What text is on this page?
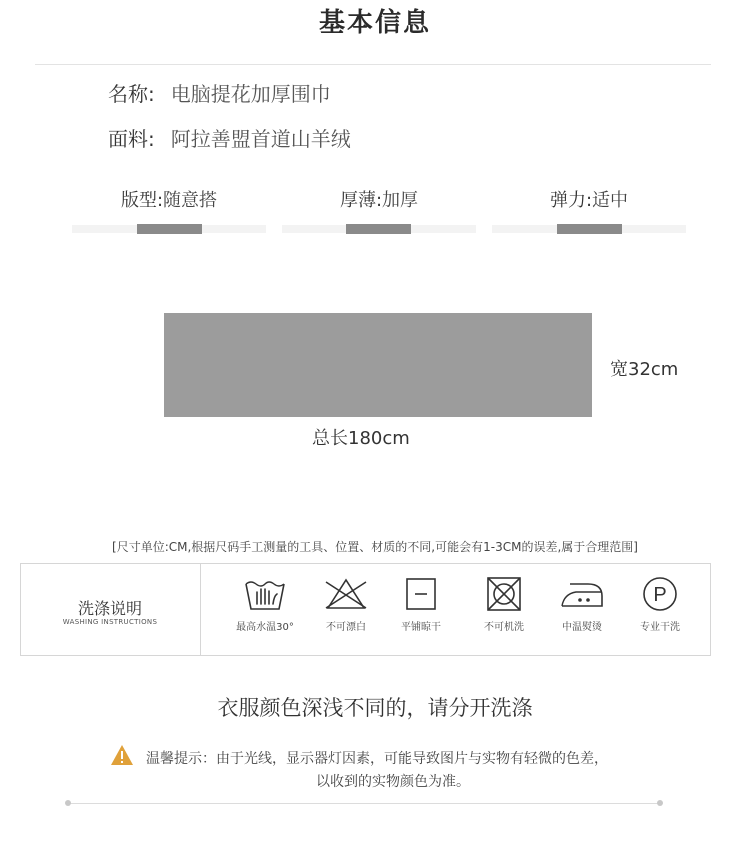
基本信息
名称: 电脑提花加厚围巾
面料: 阿拉善盟首道山羊绒
版型:随意搭	厚薄:加厚	弹力:适中
宽32cm
总长180cm
[尺寸单位:CM,根据尺码手工测量的工具、位置、材质的不同,可能会有1-3CM的误差,属于合理范围]
洗涤说明
WASHING INSTRUCTIONS	最高水温30°	不可漂白	平铺晾干	不可机洗	中温熨烫
P
专业干洗
衣服颜色深浅不同的，请分开洗涤
温馨提示：由于光线，显示器灯因素，可能导致图片与实物有轻微的色差，
以收到的实物颜色为准。
